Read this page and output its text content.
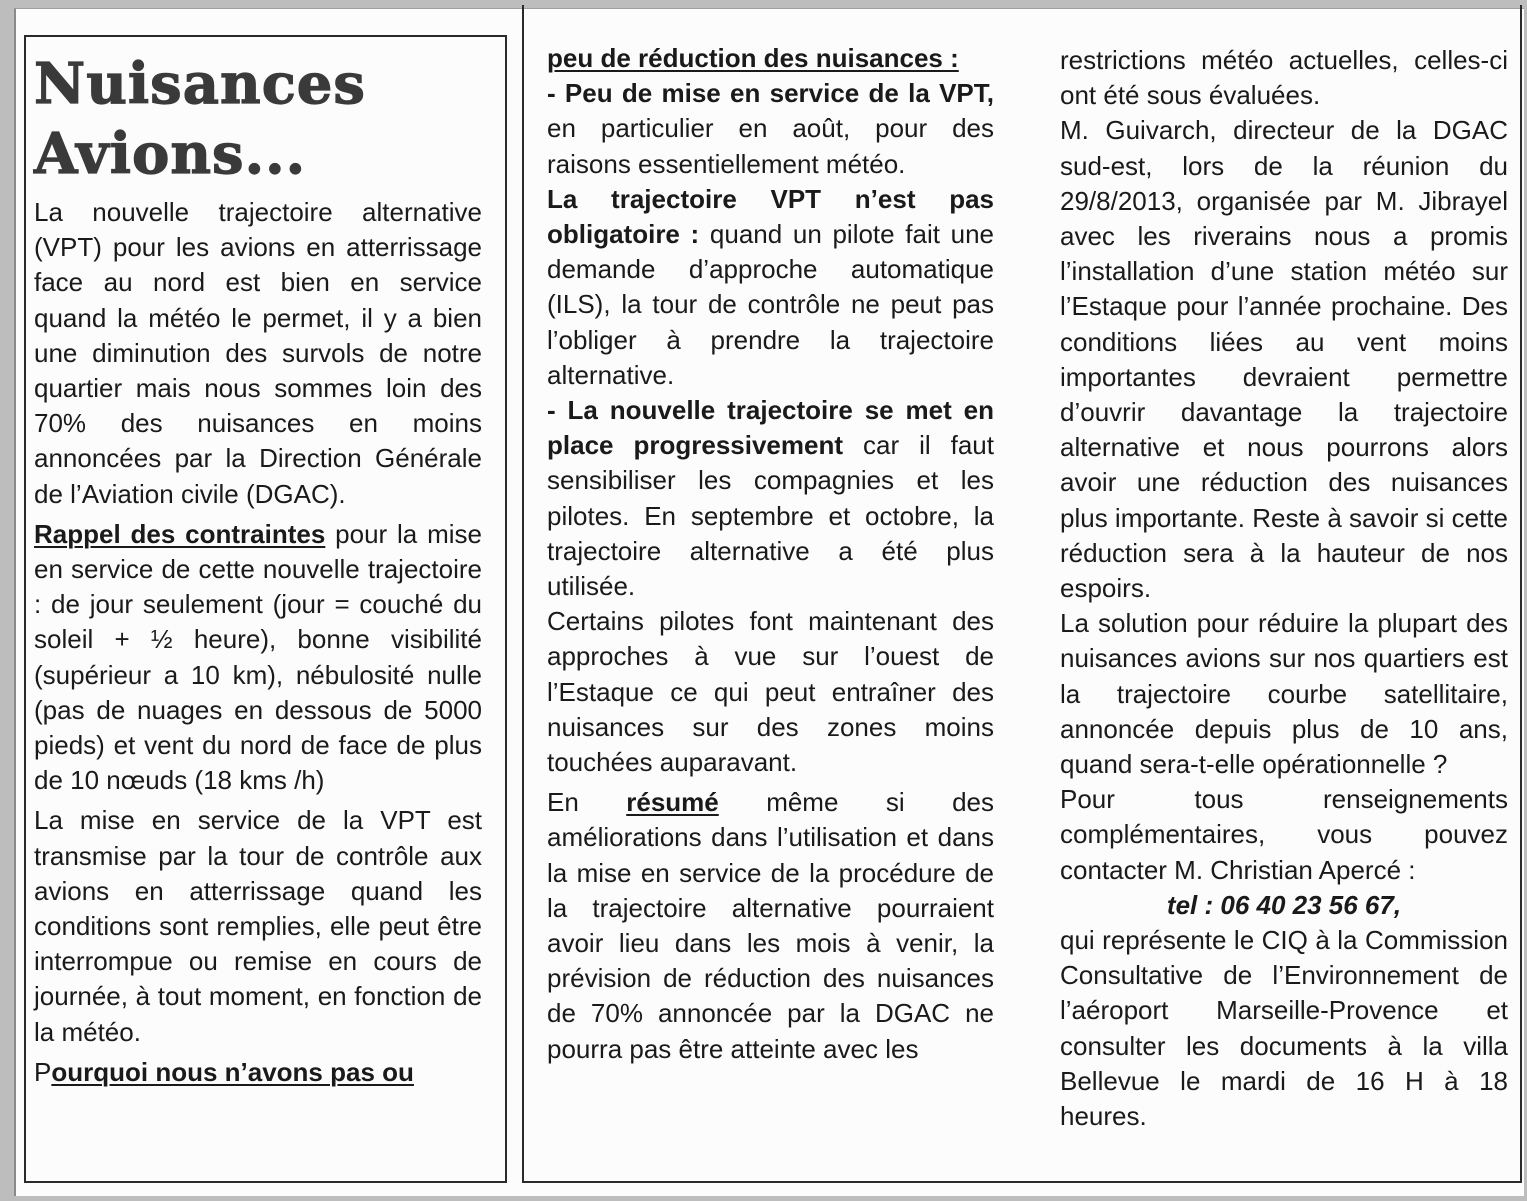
Nuisances
Avions...

La nouvelle trajectoire alternative (VPT) pour les avions en atterrissage face au nord est bien en service quand la météo le permet, il y a bien une diminution des survols de notre quartier mais nous sommes loin des 70% des nuisances en moins annoncées par la Direction Générale de l’Aviation civile (DGAC).

Rappel des contraintes pour la mise en service de cette nouvelle trajectoire : de jour seulement (jour = couché du soleil + ½ heure), bonne visibilité (supérieur a 10 km), nébulosité nulle (pas de nuages en dessous de 5000 pieds) et vent du nord de face de plus de 10 nœuds (18 kms /h)

La mise en service de la VPT est transmise par la tour de contrôle aux avions en atterrissage quand les conditions sont remplies, elle peut être interrompue ou remise en cours de journée, à tout moment, en fonction de la météo.

Pourquoi nous n’avons pas ou

peu de réduction des nuisances :

- Peu de mise en service de la VPT, en particulier en août, pour des raisons essentiellement météo.

La trajectoire VPT n’est pas obligatoire : quand un pilote fait une demande d’approche automatique (ILS), la tour de contrôle ne peut pas l’obliger à prendre la trajectoire alternative.

- La nouvelle trajectoire se met en place progressivement car il faut sensibiliser les compagnies et les pilotes. En septembre et octobre, la trajectoire alternative a été plus utilisée.

Certains pilotes font maintenant des approches à vue sur l’ouest de l’Estaque ce qui peut entraîner des nuisances sur des zones moins touchées auparavant.

En résumé même si des améliorations dans l’utilisation et dans la mise en service de la procédure de la trajectoire alternative pourraient avoir lieu dans les mois à venir, la prévision de réduction des nuisances de 70% annoncée par la DGAC ne pourra pas être atteinte avec les

restrictions météo actuelles, celles-ci ont été sous évaluées.

M. Guivarch, directeur de la DGAC sud-est, lors de la réunion du 29/8/2013, organisée par M. Jibrayel avec les riverains nous a promis l’installation d’une station météo sur l’Estaque pour l’année prochaine. Des conditions liées au vent moins importantes devraient permettre d’ouvrir davantage la trajectoire alternative et nous pourrons alors avoir une réduction des nuisances plus importante. Reste à savoir si cette réduction sera à la hauteur de nos espoirs.

La solution pour réduire la plupart des nuisances avions sur nos quartiers est la trajectoire courbe satellitaire, annoncée depuis plus de 10 ans, quand sera-t-elle opérationnelle ?

Pour tous renseignements complémentaires, vous pouvez contacter M. Christian Apercé :

tel : 06 40 23 56 67,

qui représente le CIQ à la Commission Consultative de l’Environnement de l’aéroport Marseille-Provence et consulter les documents à la villa Bellevue le mardi de 16 H à 18 heures.
